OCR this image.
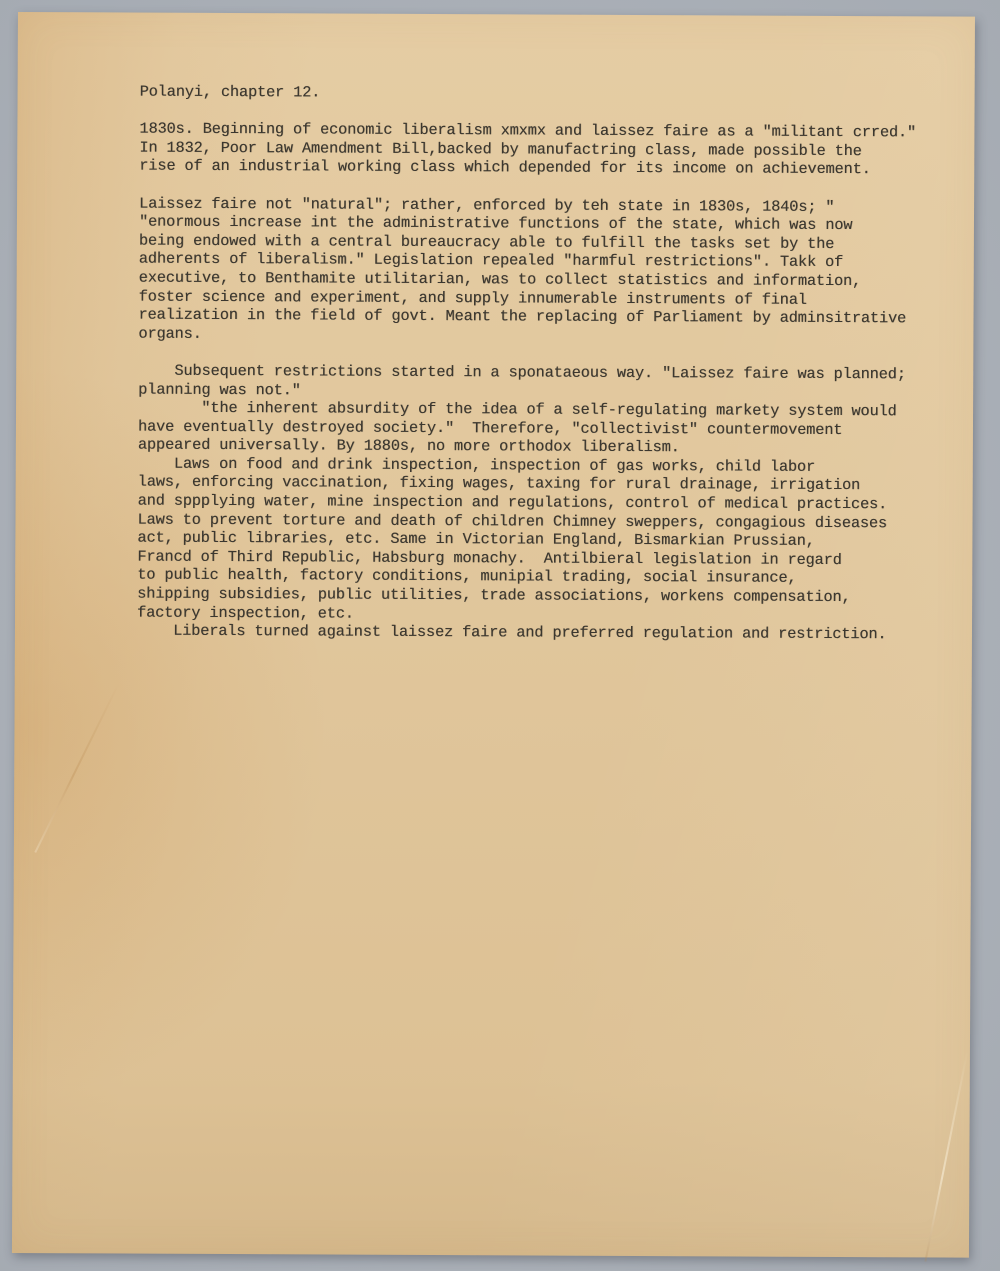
Polanyi, chapter 12.
1830s. Beginning of economic liberalism xmxmx and laissez faire as a "militant crred."
In 1832, Poor Law Amendment Bill,backed by manufactring class, made possible the
rise of an industrial working class which depended for its income on achievement.

Laissez faire not "natural"; rather, enforced by teh state in 1830s, 1840s; "
"enormous increase int the administrative functions of the state, which was now
being endowed with a central bureaucracy able to fulfill the tasks set by the
adherents of liberalism." Legislation repealed "harmful restrictions". Takk of
executive, to Benthamite utilitarian, was to collect statistics and information,
foster science and experiment, and supply innumerable instruments of final
realization in the field of govt. Meant the replacing of Parliament by adminsitrative
organs.

Subsequent restrictions started in a sponataeous way. "Laissez faire was planned;
planning was not."
"the inherent absurdity of the idea of a self-regulating markety system would
have eventually destroyed society."  Therefore, "collectivist" countermovement
appeared universally. By 1880s, no more orthodox liberalism.
Laws on food and drink inspection, inspection of gas works, child labor
laws, enforcing vaccination, fixing wages, taxing for rural drainage, irrigation
and sppplying water, mine inspection and regulations, control of medical practices.
Laws to prevent torture and death of children Chimney sweppers, congagious diseases
act, public libraries, etc. Same in Victorian England, Bismarkian Prussian,
Francd of Third Republic, Habsburg monachy.  Antilbieral legislation in regard
to public health, factory conditions, munipial trading, social insurance,
shipping subsidies, public utilities, trade associations, workens compensation,
factory inspection, etc.
Liberals turned against laissez faire and preferred regulation and restriction.
